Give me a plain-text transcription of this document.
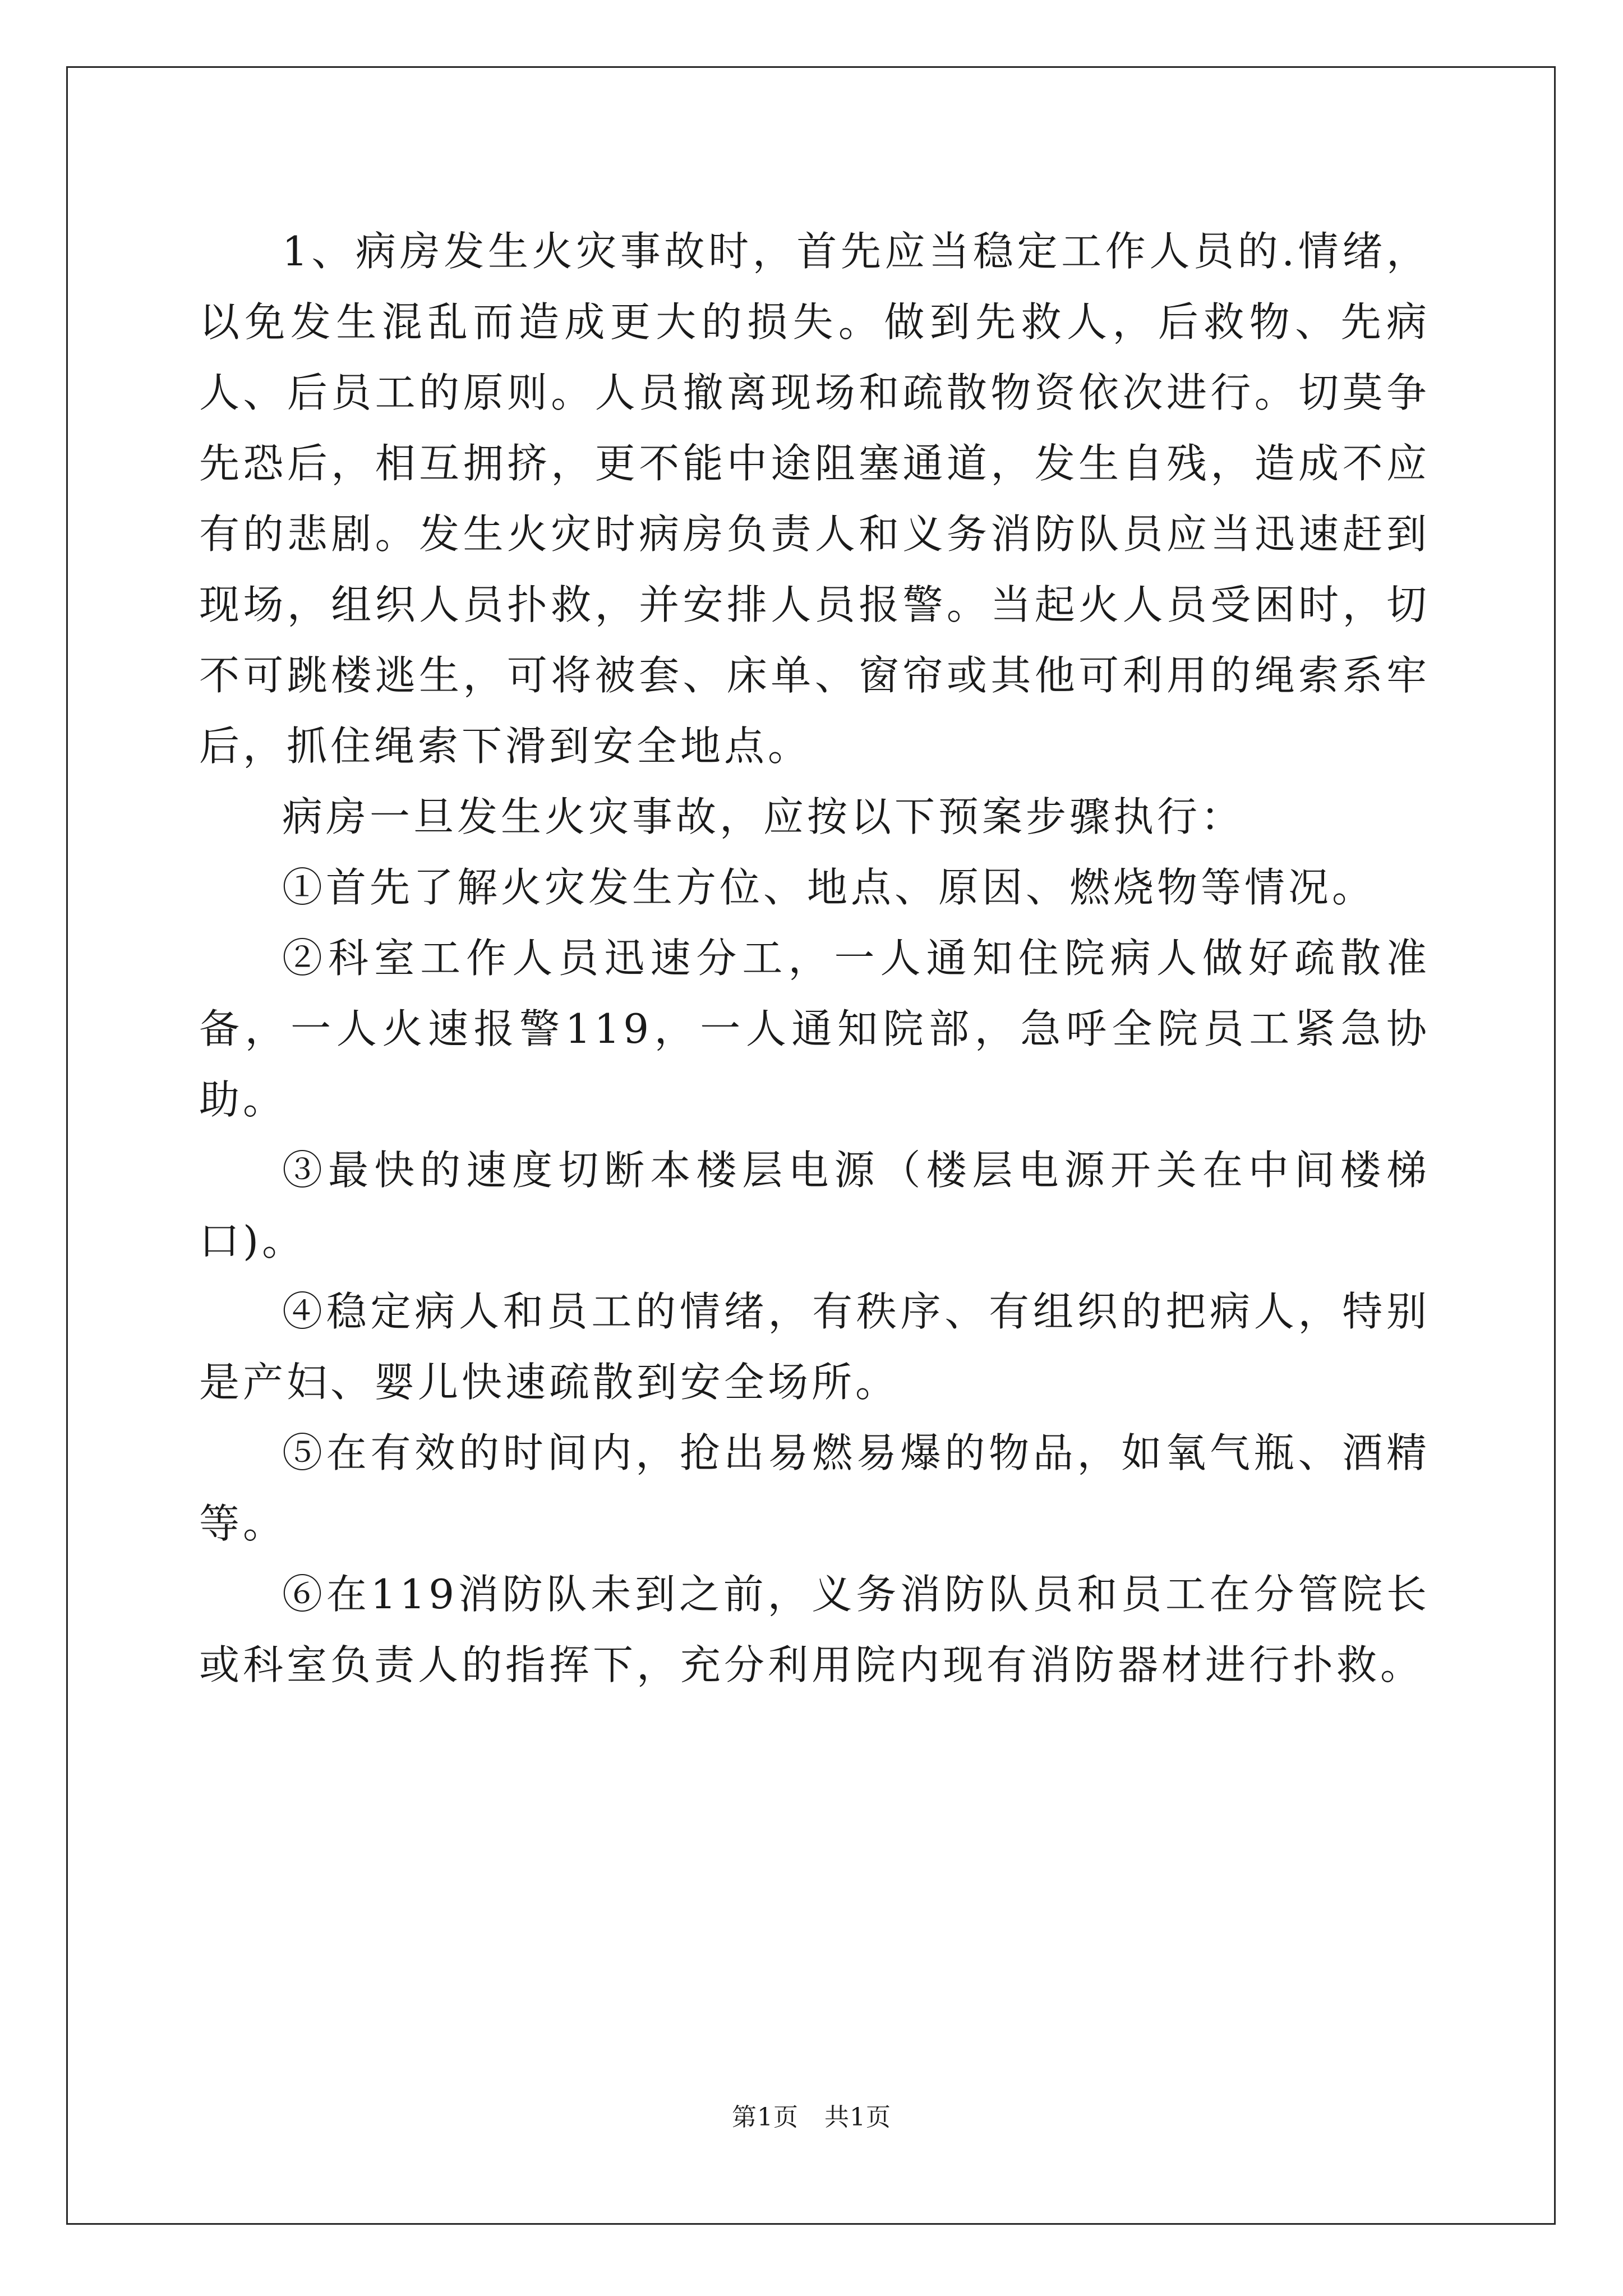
1、病房发生火灾事故时，首先应当稳定工作人员的.情绪，以免发生混乱而造成更大的损失。做到先救人，后救物、先病人、后员工的原则。人员撤离现场和疏散物资依次进行。切莫争先恐后，相互拥挤，更不能中途阻塞通道，发生自残，造成不应有的悲剧。发生火灾时病房负责人和义务消防队员应当迅速赶到现场，组织人员扑救，并安排人员报警。当起火人员受困时，切不可跳楼逃生，可将被套、床单、窗帘或其他可利用的绳索系牢后，抓住绳索下滑到安全地点。

病房一旦发生火灾事故，应按以下预案步骤执行：

①首先了解火灾发生方位、地点、原因、燃烧物等情况。

②科室工作人员迅速分工，一人通知住院病人做好疏散准备，一人火速报警119，一人通知院部，急呼全院员工紧急协助。

③最快的速度切断本楼层电源（楼层电源开关在中间楼梯口)。

④稳定病人和员工的情绪，有秩序、有组织的把病人，特别是产妇、婴儿快速疏散到安全场所。

⑤在有效的时间内，抢出易燃易爆的物品，如氧气瓶、酒精等。

⑥在119消防队未到之前，义务消防队员和员工在分管院长或科室负责人的指挥下，充分利用院内现有消防器材进行扑救。

第1页 共1页
